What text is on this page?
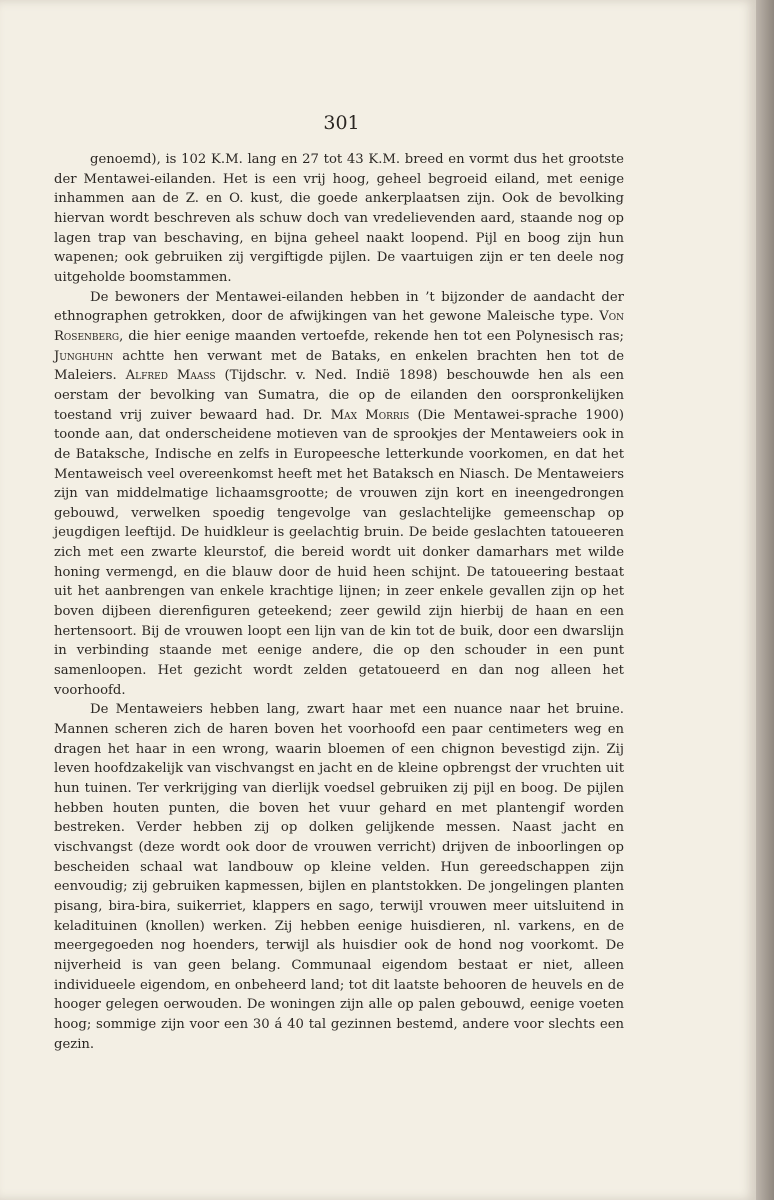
301

genoemd), is 102 K.M. lang en 27 tot 43 K.M. breed en vormt dus het grootste der Mentawei-eilanden. Het is een vrij hoog, geheel begroeid eiland, met eenige inhammen aan de Z. en O. kust, die goede ankerplaatsen zijn. Ook de bevolking hiervan wordt beschreven als schuw doch van vredelievenden aard, staande nog op lagen trap van beschaving, en bijna geheel naakt loopend. Pijl en boog zijn hun wapenen; ook gebruiken zij vergiftigde pijlen. De vaartuigen zijn er ten deele nog uitgeholde boomstammen.

De bewoners der Mentawei-eilanden hebben in ’t bijzonder de aandacht der ethnographen getrokken, door de afwijkingen van het gewone Maleische type. Von Rosenberg, die hier eenige maanden vertoefde, rekende hen tot een Polynesisch ras; Junghuhn achtte hen verwant met de Bataks, en enkelen brachten hen tot de Maleiers. Alfred Maass (Tijdschr. v. Ned. Indië 1898) beschouwde hen als een oerstam der bevolking van Sumatra, die op de eilanden den oorspronkelijken toestand vrij zuiver bewaard had. Dr. Max Morris (Die Mentawei-sprache 1900) toonde aan, dat onderscheidene motieven van de sprookjes der Mentaweiers ook in de Bataksche, Indische en zelfs in Europeesche letterkunde voorkomen, en dat het Mentaweisch veel overeenkomst heeft met het Bataksch en Niasch. De Mentaweiers zijn van middelmatige lichaamsgrootte; de vrouwen zijn kort en ineengedrongen gebouwd, verwelken spoedig tengevolge van geslachtelijke gemeenschap op jeugdigen leeftijd. De huidkleur is geelachtig bruin. De beide geslachten tatoueeren zich met een zwarte kleurstof, die bereid wordt uit donker damarhars met wilde honing vermengd, en die blauw door de huid heen schijnt. De tatoueering bestaat uit het aanbrengen van enkele krachtige lijnen; in zeer enkele gevallen zijn op het boven dijbeen dierenfiguren geteekend; zeer gewild zijn hierbij de haan en een hertensoort. Bij de vrouwen loopt een lijn van de kin tot de buik, door een dwarslijn in verbinding staande met eenige andere, die op den schouder in een punt samenloopen. Het gezicht wordt zelden getatoueerd en dan nog alleen het voorhoofd.

De Mentaweiers hebben lang, zwart haar met een nuance naar het bruine. Mannen scheren zich de haren boven het voorhoofd een paar centimeters weg en dragen het haar in een wrong, waarin bloemen of een chignon bevestigd zijn. Zij leven hoofdzakelijk van vischvangst en jacht en de kleine opbrengst der vruchten uit hun tuinen. Ter verkrijging van dierlijk voedsel gebruiken zij pijl en boog. De pijlen hebben houten punten, die boven het vuur gehard en met plantengif worden bestreken. Verder hebben zij op dolken gelijkende messen. Naast jacht en vischvangst (deze wordt ook door de vrouwen verricht) drijven de inboorlingen op bescheiden schaal wat landbouw op kleine velden. Hun gereedschappen zijn eenvoudig; zij gebruiken kapmessen, bijlen en plantstokken. De jongelingen planten pisang, bira-bira, suikerriet, klappers en sago, terwijl vrouwen meer uitsluitend in keladituinen (knollen) werken. Zij hebben eenige huisdieren, nl. varkens, en de meergegoeden nog hoenders, terwijl als huisdier ook de hond nog voorkomt. De nijverheid is van geen belang. Communaal eigendom bestaat er niet, alleen individueele eigendom, en onbeheerd land; tot dit laatste behooren de heuvels en de hooger gelegen oerwouden. De woningen zijn alle op palen gebouwd, eenige voeten hoog; sommige zijn voor een 30 á 40 tal gezinnen bestemd, andere voor slechts een gezin.
